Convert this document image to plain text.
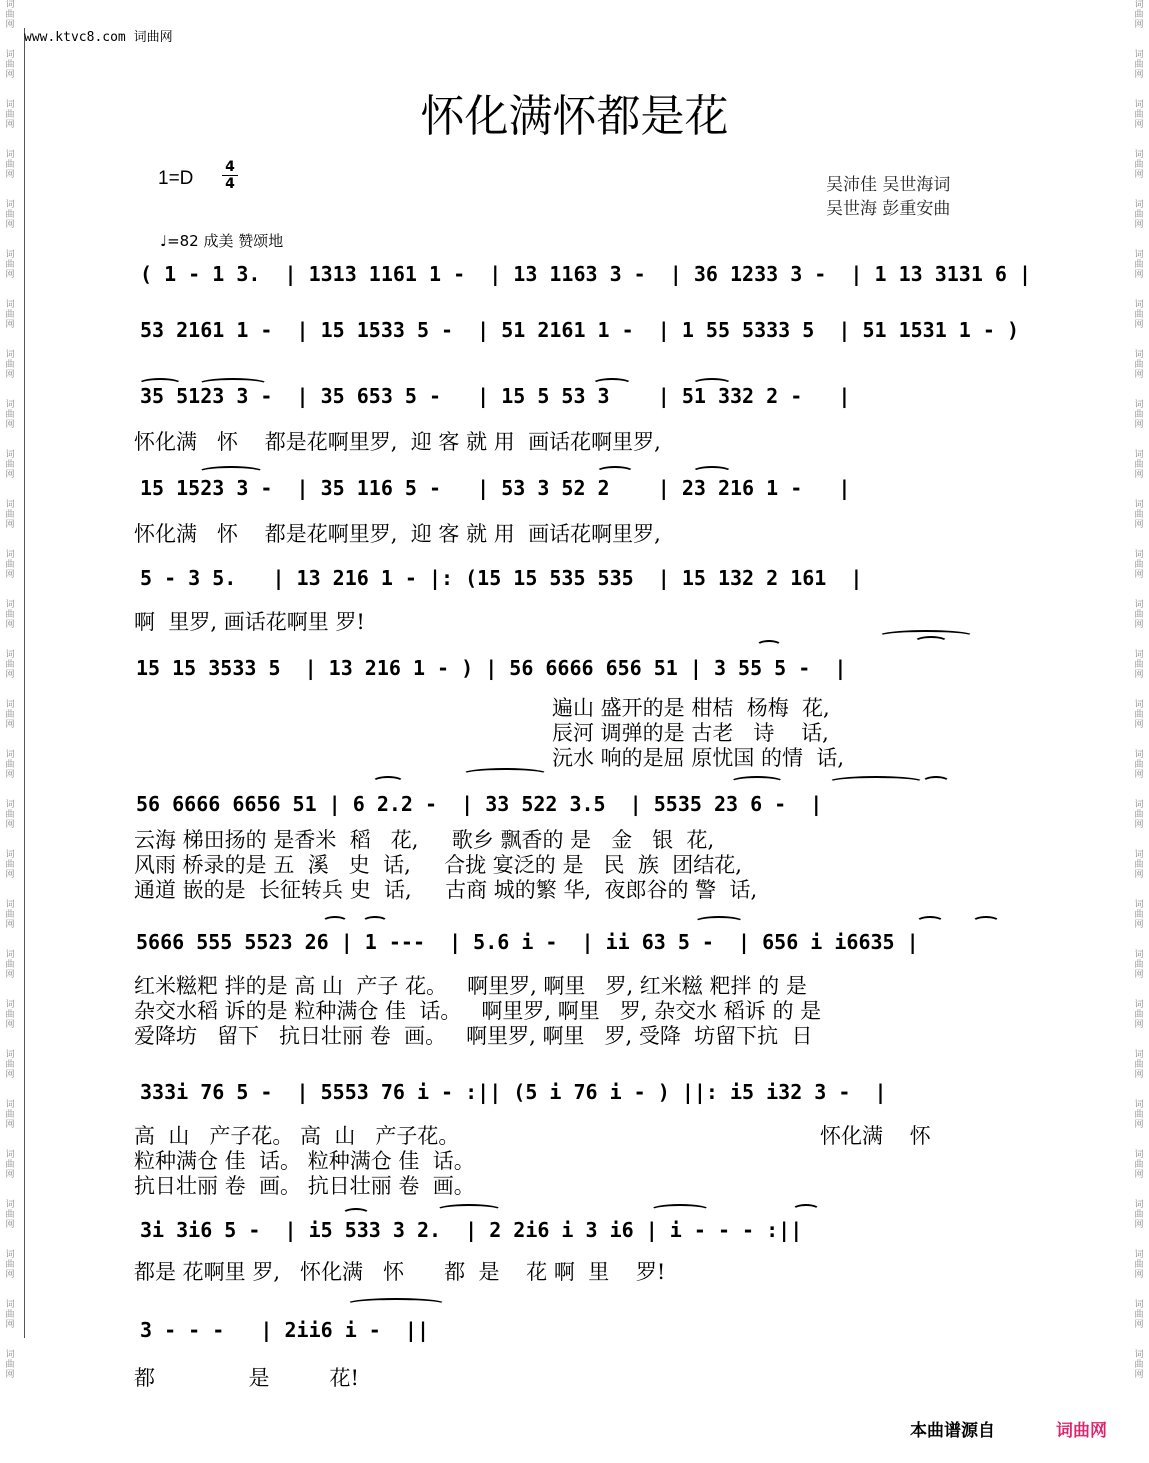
词
曲
网

词
曲
网

词
曲
网

词
曲
网

词
曲
网

词
曲
网

词
曲
网

词
曲
网

词
曲
网

词
曲
网

词
曲
网

词
曲
网

词
曲
网

词
曲
网

词
曲
网

词
曲
网

词
曲
网

词
曲
网

词
曲
网

词
曲
网

词
曲
网

词
曲
网

词
曲
网

词
曲
网

词
曲
网

词
曲
网

词
曲
网

词
曲
网
词
曲
网

词
曲
网

词
曲
网

词
曲
网

词
曲
网

词
曲
网

词
曲
网

词
曲
网

词
曲
网

词
曲
网

词
曲
网

词
曲
网

词
曲
网

词
曲
网

词
曲
网

词
曲
网

词
曲
网

词
曲
网

词
曲
网

词
曲
网

词
曲
网

词
曲
网

词
曲
网

词
曲
网

词
曲
网

词
曲
网

词
曲
网

词
曲
网
www.ktvc8.com 词曲网
怀化满怀都是花
1=D
4
4	吴沛佳 吴世海词
吴世海 彭重安曲
♩=82 成美 赞颂地
( 1 - 1 3.  | 1313 1161 1 -  | 13 1163 3 -  | 36 1233 3 -  | 1 13 3131 6 |
53 2161 1 -  | 15 1533 5 -  | 51 2161 1 -  | 1 55 5333 5  | 51 1531 1 - )
35 5123 3 -  | 35 653 5 -   | 15 5 53 3    | 51 332 2 -   |
怀化满   怀    都是花啊里罗,  迎 客 就 用  画话花啊里罗,
15 1523 3 -  | 35 116 5 -   | 53 3 52 2    | 23 216 1 -   |
怀化满   怀    都是花啊里罗,  迎 客 就 用  画话花啊里罗,
5 - 3 5.   | 13 216 1 - |: (15 15 535 535  | 15 132 2 161  |
啊  里罗, 画话花啊里 罗!
15 15 3533 5  | 13 216 1 - ) | 56 6666 656 51 | 3 55 5 -  |
遍山 盛开的是 柑桔  杨梅  花,
辰河 调弹的是 古老   诗    话,
沅水 响的是屈 原忧国 的情  话,
56 6666 6656 51 | 6 2.2 -  | 33 522 3.5  | 5535 23 6 -  |
云海 梯田扬的 是香米  稻   花,     歌乡 飘香的 是   金   银  花,
风雨 桥录的是 五  溪   史  话,     合拢 宴泛的 是   民  族  团结花,
通道 嵌的是  长征转兵 史  话,     古商 城的繁 华,  夜郎谷的 警  话,
5666 555 5523 26 | 1 ---  | 5.6 i -  | ii 63 5 -  | 656 i i6635 |
红米糍粑 拌的是 高 山  产子 花。   啊里罗, 啊里   罗, 红米糍 粑拌 的 是
杂交水稻 诉的是 粒种满仓 佳  话。   啊里罗, 啊里   罗, 杂交水 稻诉 的 是
爱降坊   留下   抗日壮丽 卷  画。   啊里罗, 啊里   罗, 受降  坊留下抗  日
333i 76 5 -  | 5553 76 i - :|| (5 i 76 i - ) ||: i5 i32 3 -  |
高  山   产子花。 高  山   产子花。
粒种满仓 佳  话。 粒种满仓 佳  话。
抗日壮丽 卷  画。 抗日壮丽 卷  画。
怀化满    怀
3i 3i6 5 -  | i5 533 3 2.  | 2 2i6 i 3 i6 | i - - - :||
都是 花啊里 罗,   怀化满   怀      都  是    花 啊  里    罗!
3 - - -   | 2ii6 i -  ||
都              是         花!
本曲谱源自	词曲网
